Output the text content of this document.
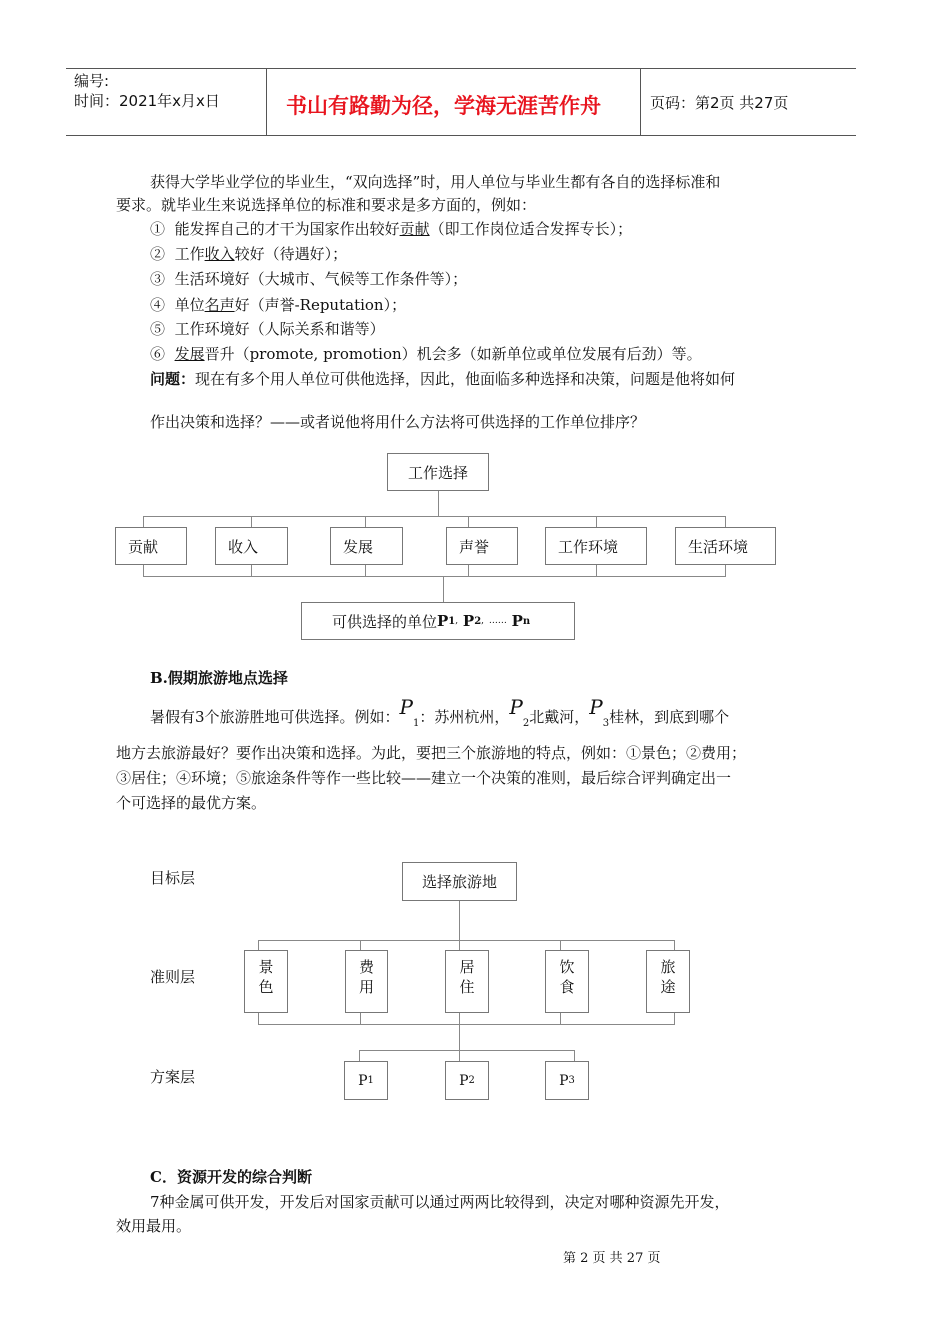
编号:
时间：2021年x月x日	书山有路勤为径，学海无涯苦作舟	页码：第2页 共27页
获得大学毕业学位的毕业生，“双向选择”时，用人单位与毕业生都有各自的选择标准和
要求。就毕业生来说选择单位的标准和要求是多方面的，例如：
① 能发挥自己的才干为国家作出较好贡献（即工作岗位适合发挥专长）；
② 工作收入较好（待遇好）；
③ 生活环境好（大城市、气候等工作条件等）；
④ 单位名声好（声誉-Reputation）；
⑤ 工作环境好（人际关系和谐等）
⑥ 发展晋升（promote, promotion）机会多（如新单位或单位发展有后劲）等。
问题：现在有多个用人单位可供他选择，因此，他面临多种选择和决策，问题是他将如何
作出决策和选择？——或者说他将用什么方法将可供选择的工作单位排序？
工作选择
贡献	收入	发展	声誉	工作环境	生活环境
可供选择的单位 P 1 ,
P 2 ,
……
P n
B.假期旅游地点选择
暑假有3个旅游胜地可供选择。例如：$P_1$：苏州杭州，$P_2$北戴河，$P_3$桂林，到底到哪个
地方去旅游最好？要作出决策和选择。为此，要把三个旅游地的特点，例如：①景色；②费用；
③居住；④环境；⑤旅途条件等作一些比较——建立一个决策的准则，最后综合评判确定出一
个可选择的最优方案。
目标层
准则层
方案层
选择旅游地
景
色
费
用
居
住
饮
食
旅
途
P 1	P 2	P 3
C．资源开发的综合判断
7种金属可供开发，开发后对国家贡献可以通过两两比较得到，决定对哪种资源先开发，
效用最用。
第 2 页 共 27 页
